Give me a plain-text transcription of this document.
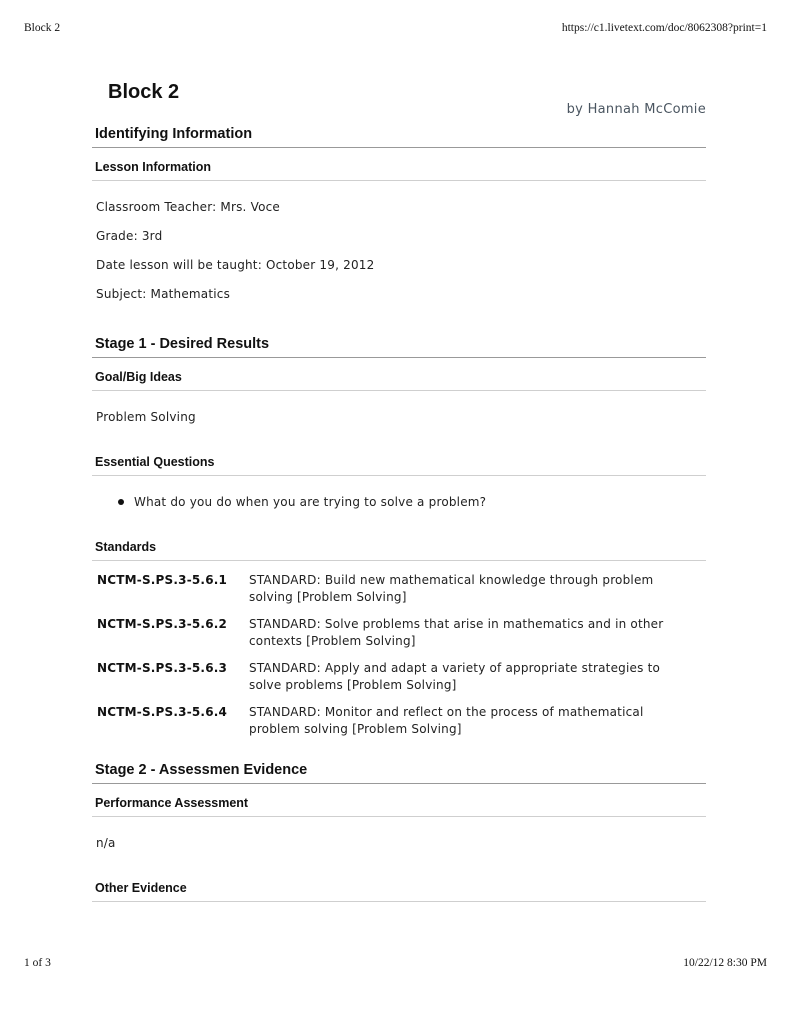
Block 2	https://c1.livetext.com/doc/8062308?print=1
Block 2
by Hannah McComie
Identifying Information
Lesson Information

Classroom Teacher: Mrs. Voce

Grade: 3rd

Date lesson will be taught: October 19, 2012

Subject: Mathematics

Stage 1 - Desired Results
Goal/Big Ideas
Problem Solving
Essential Questions
What do you do when you are trying to solve a problem?
Standards
NCTM-S.PS.3-5.6.1	STANDARD: Build new mathematical knowledge through problem
solving [Problem Solving]

NCTM-S.PS.3-5.6.2	STANDARD: Solve problems that arise in mathematics and in other
contexts [Problem Solving]

NCTM-S.PS.3-5.6.3	STANDARD: Apply and adapt a variety of appropriate strategies to
solve problems [Problem Solving]

NCTM-S.PS.3-5.6.4	STANDARD: Monitor and reflect on the process of mathematical
problem solving [Problem Solving]
Stage 2 - Assessmen Evidence
Performance Assessment
n/a
Other Evidence
1 of 3	10/22/12 8:30 PM
